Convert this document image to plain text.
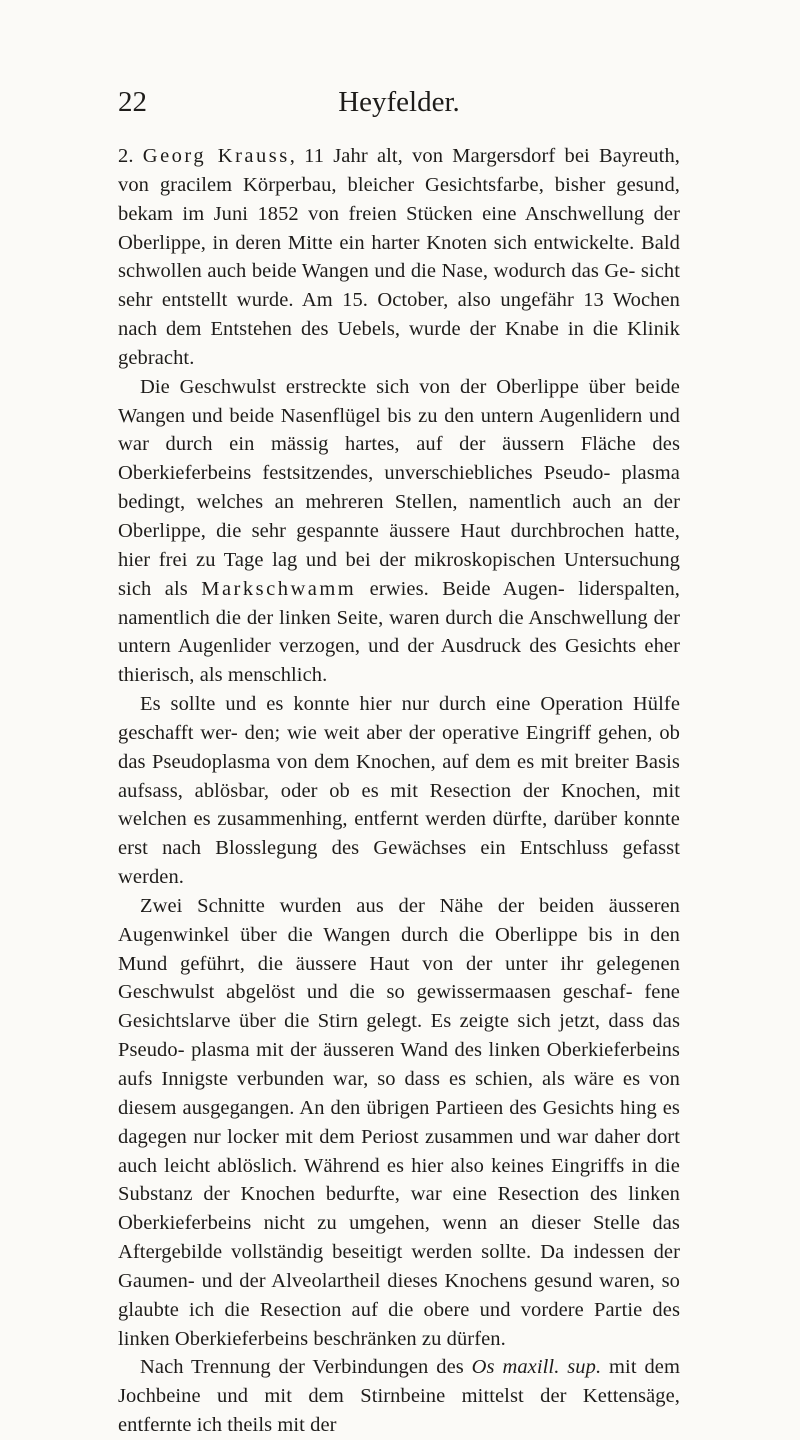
22	Heyfelder.

2. Georg Krauss, 11 Jahr alt, von Margersdorf bei Bayreuth, von gracilem Körperbau, bleicher Gesichtsfarbe, bisher gesund, bekam im Juni 1852 von freien Stücken eine Anschwellung der Oberlippe, in deren Mitte ein harter Knoten sich entwickelte. Bald schwollen auch beide Wangen und die Nase, wodurch das Ge- sicht sehr entstellt wurde. Am 15. October, also ungefähr 13 Wochen nach dem Entstehen des Uebels, wurde der Knabe in die Klinik gebracht.

Die Geschwulst erstreckte sich von der Oberlippe über beide Wangen und beide Nasenflügel bis zu den untern Augenlidern und war durch ein mässig hartes, auf der äussern Fläche des Oberkieferbeins festsitzendes, unverschiebliches Pseudo- plasma bedingt, welches an mehreren Stellen, namentlich auch an der Oberlippe, die sehr gespannte äussere Haut durchbrochen hatte, hier frei zu Tage lag und bei der mikroskopischen Untersuchung sich als Markschwamm erwies. Beide Augen- liderspalten, namentlich die der linken Seite, waren durch die Anschwellung der untern Augenlider verzogen, und der Ausdruck des Gesichts eher thierisch, als menschlich.

Es sollte und es konnte hier nur durch eine Operation Hülfe geschafft wer- den; wie weit aber der operative Eingriff gehen, ob das Pseudoplasma von dem Knochen, auf dem es mit breiter Basis aufsass, ablösbar, oder ob es mit Resection der Knochen, mit welchen es zusammenhing, entfernt werden dürfte, darüber konnte erst nach Blosslegung des Gewächses ein Entschluss gefasst werden.

Zwei Schnitte wurden aus der Nähe der beiden äusseren Augenwinkel über die Wangen durch die Oberlippe bis in den Mund geführt, die äussere Haut von der unter ihr gelegenen Geschwulst abgelöst und die so gewissermaasen geschaf- fene Gesichtslarve über die Stirn gelegt. Es zeigte sich jetzt, dass das Pseudo- plasma mit der äusseren Wand des linken Oberkieferbeins aufs Innigste verbunden war, so dass es schien, als wäre es von diesem ausgegangen. An den übrigen Partieen des Gesichts hing es dagegen nur locker mit dem Periost zusammen und war daher dort auch leicht ablöslich. Während es hier also keines Eingriffs in die Substanz der Knochen bedurfte, war eine Resection des linken Oberkieferbeins nicht zu umgehen, wenn an dieser Stelle das Aftergebilde vollständig beseitigt werden sollte. Da indessen der Gaumen- und der Alveolartheil dieses Knochens gesund waren, so glaubte ich die Resection auf die obere und vordere Partie des linken Oberkieferbeins beschränken zu dürfen.

Nach Trennung der Verbindungen des Os maxill. sup. mit dem Jochbeine und mit dem Stirnbeine mittelst der Kettensäge, entfernte ich theils mit der
